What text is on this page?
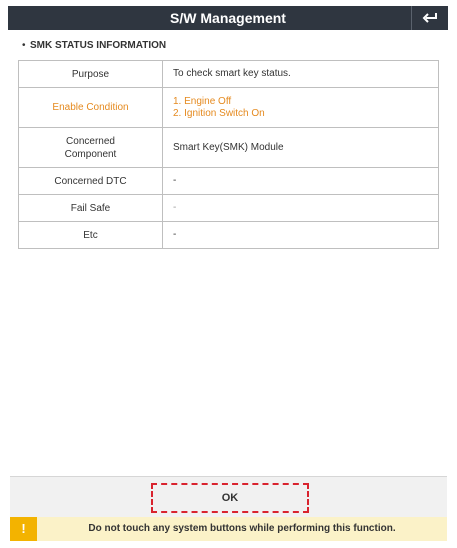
S/W Management
• SMK STATUS INFORMATION
Purpose	To check smart key status.
Enable Condition	1. Engine Off
2. Ignition Switch On

Concerned
Component	Smart Key(SMK) Module
Concerned DTC	-
Fail Safe	-
Etc	-
OK
!	Do not touch any system buttons while performing this function.
